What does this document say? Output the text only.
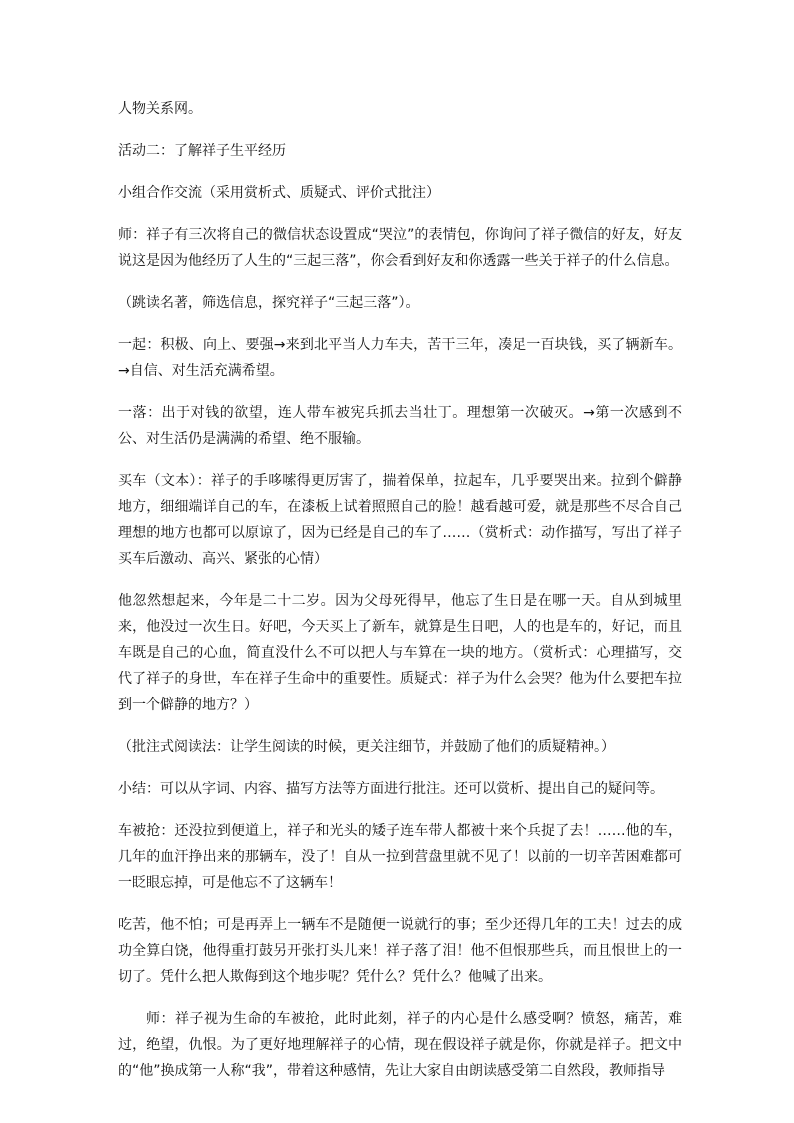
人物关系网。

活动二：了解祥子生平经历

小组合作交流（采用赏析式、质疑式、评价式批注）

师：祥子有三次将自己的微信状态设置成“哭泣”的表情包，你询问了祥子微信的好友，好友说这是因为他经历了人生的“三起三落”，你会看到好友和你透露一些关于祥子的什么信息。

（跳读名著，筛选信息，探究祥子“三起三落”）。

一起：积极、向上、要强→来到北平当人力车夫，苦干三年，凑足一百块钱，买了辆新车。→自信、对生活充满希望。

一落：出于对钱的欲望，连人带车被宪兵抓去当壮丁。理想第一次破灭。→第一次感到不公、对生活仍是满满的希望、绝不服输。

买车（文本）：祥子的手哆嗦得更厉害了，揣着保单，拉起车，几乎要哭出来。拉到个僻静地方，细细端详自己的车，在漆板上试着照照自己的脸！越看越可爱，就是那些不尽合自己理想的地方也都可以原谅了，因为已经是自己的车了……（赏析式：动作描写，写出了祥子买车后激动、高兴、紧张的心情）

他忽然想起来，今年是二十二岁。因为父母死得早，他忘了生日是在哪一天。自从到城里来，他没过一次生日。好吧，今天买上了新车，就算是生日吧，人的也是车的，好记，而且车既是自己的心血，简直没什么不可以把人与车算在一块的地方。（赏析式：心理描写，交代了祥子的身世，车在祥子生命中的重要性。质疑式：祥子为什么会哭？他为什么要把车拉到一个僻静的地方？）

（批注式阅读法：让学生阅读的时候，更关注细节，并鼓励了他们的质疑精神。）

小结：可以从字词、内容、描写方法等方面进行批注。还可以赏析、提出自己的疑问等。

车被抢：还没拉到便道上，祥子和光头的矮子连车带人都被十来个兵捉了去！……他的车，几年的血汗挣出来的那辆车，没了！自从一拉到营盘里就不见了！以前的一切辛苦困难都可一眨眼忘掉，可是他忘不了这辆车！

吃苦，他不怕；可是再弄上一辆车不是随便一说就行的事；至少还得几年的工夫！过去的成功全算白饶，他得重打鼓另开张打头儿来！祥子落了泪！他不但恨那些兵，而且恨世上的一切了。凭什么把人欺侮到这个地步呢？凭什么？凭什么？他喊了出来。

师：祥子视为生命的车被抢，此时此刻，祥子的内心是什么感受啊？愤怒，痛苦，难过，绝望，仇恨。为了更好地理解祥子的心情，现在假设祥子就是你，你就是祥子。把文中的“他”换成第一人称“我”，带着这种感情，先让大家自由朗读感受第二自然段，教师指导
